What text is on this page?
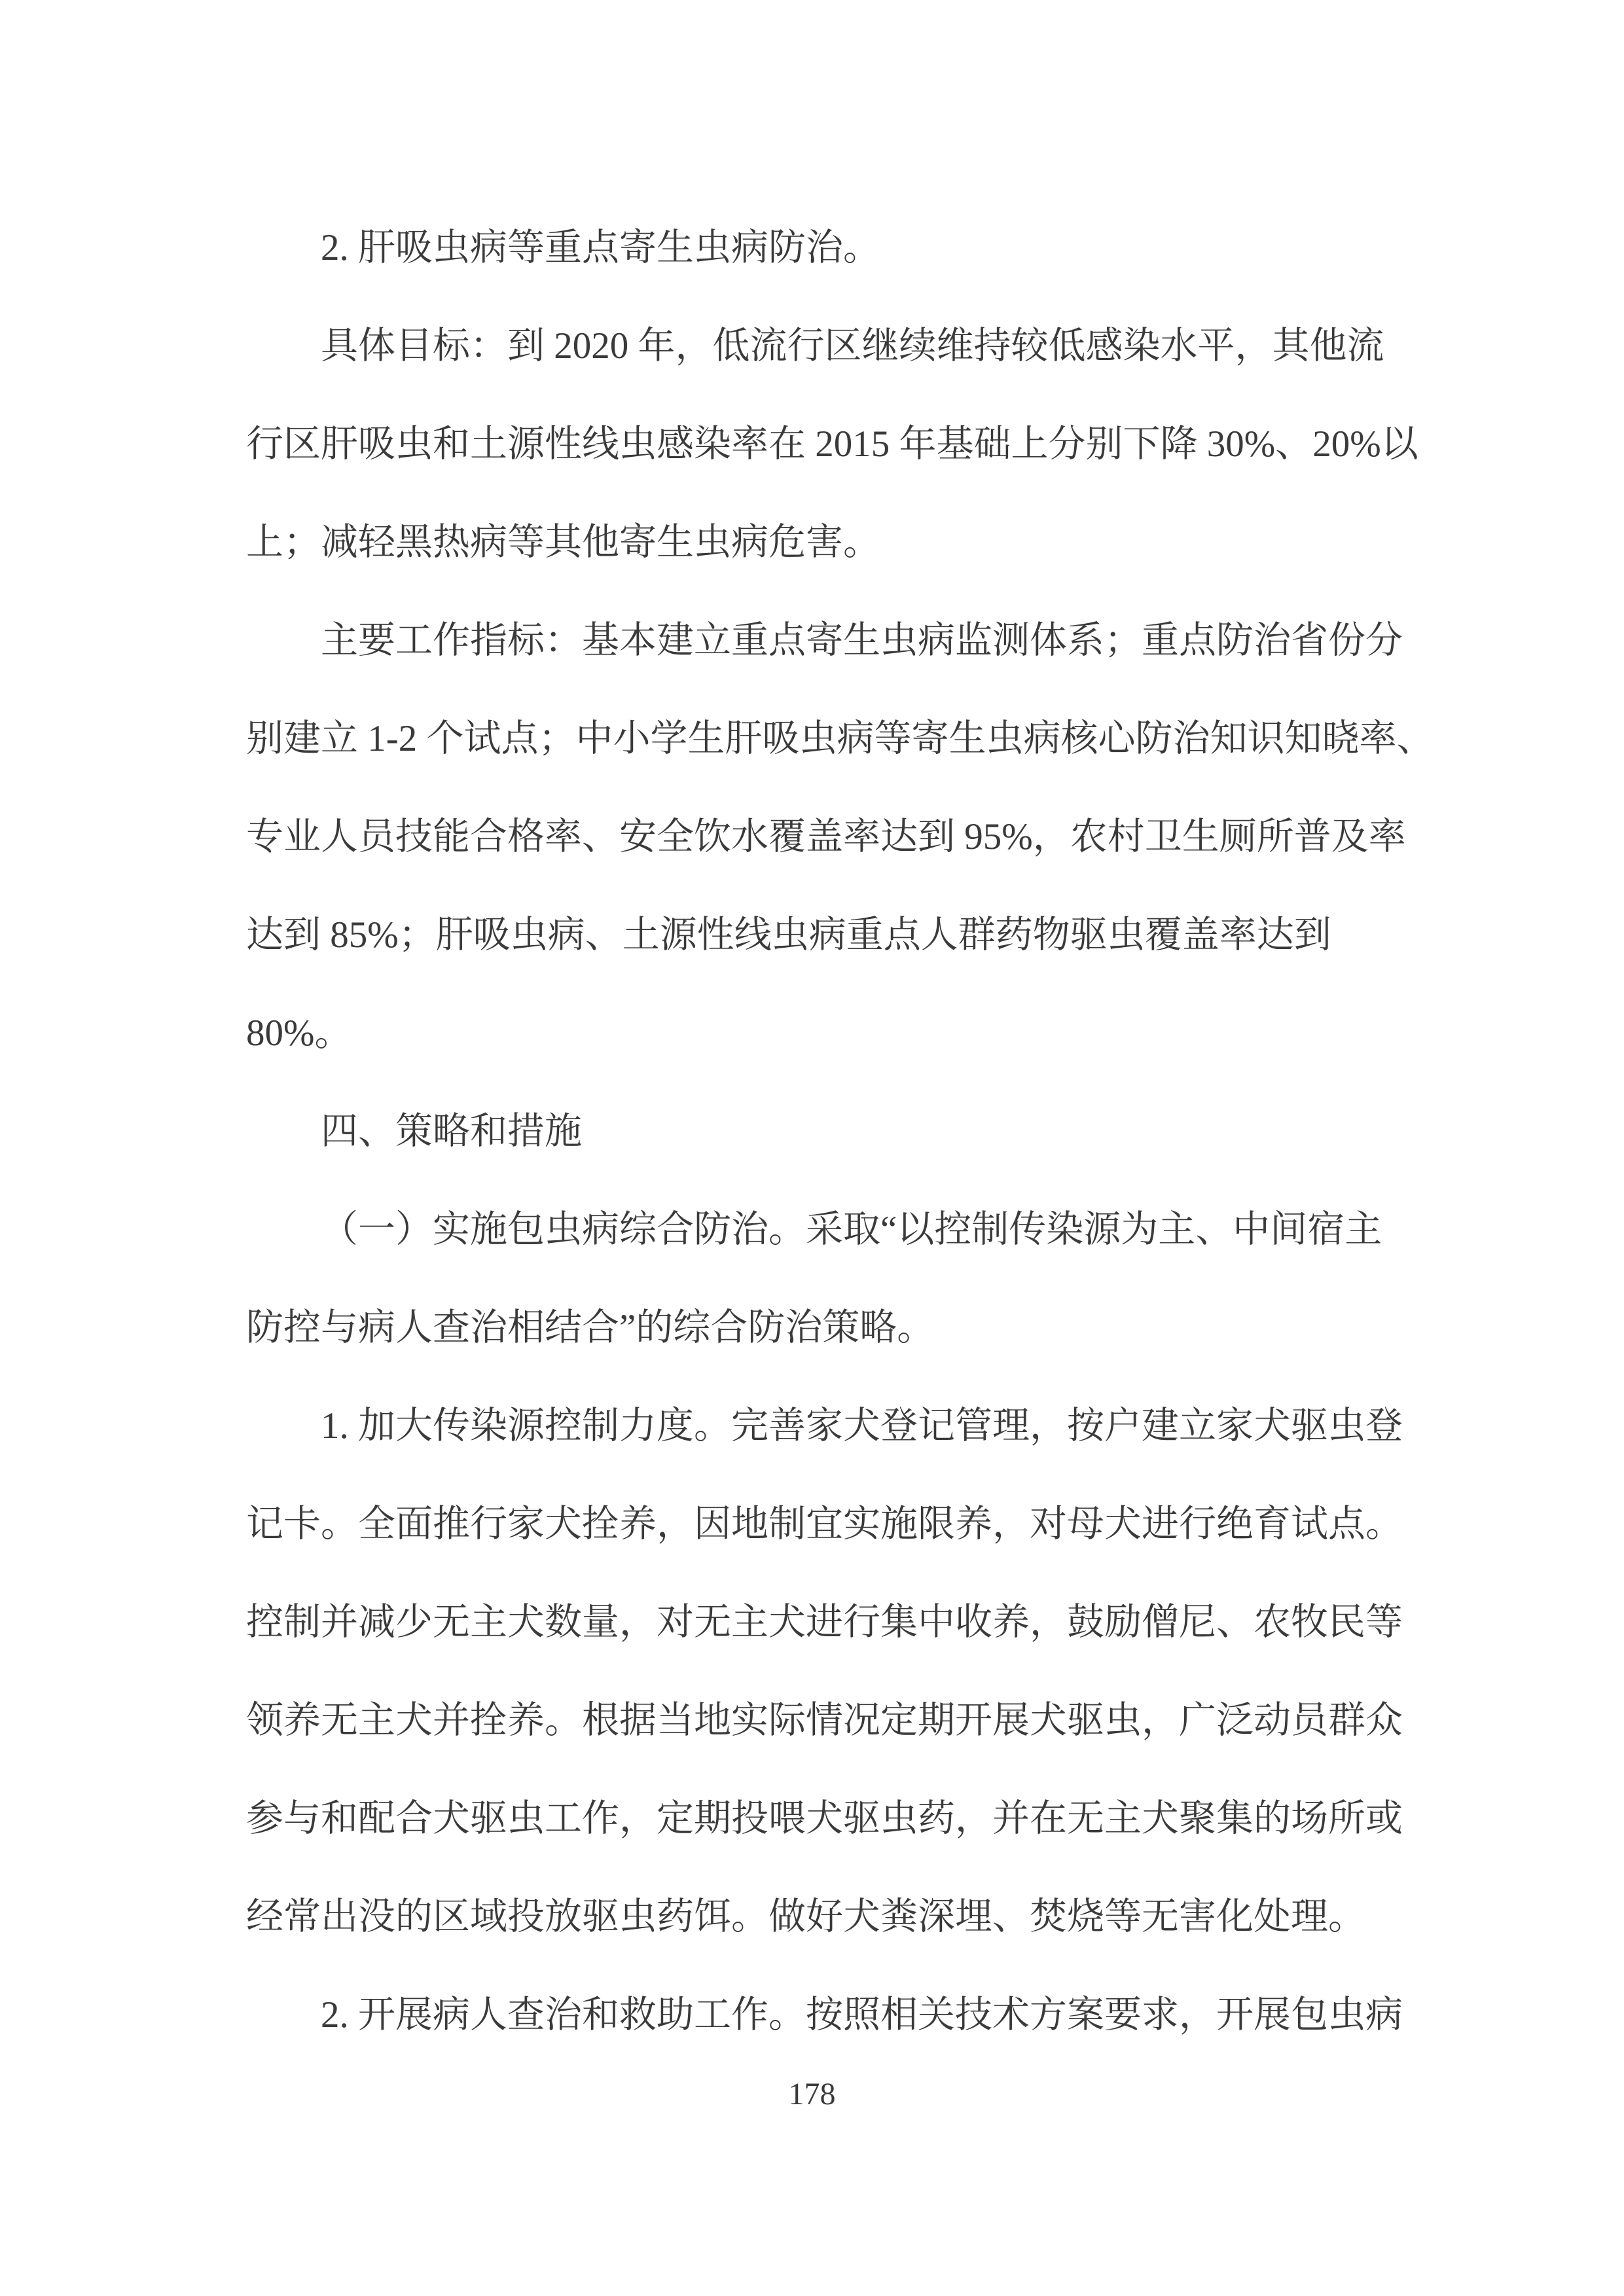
2. 肝吸虫病等重点寄生虫病防治。
具体目标：到 2020 年，低流行区继续维持较低感染水平，其他流
行区肝吸虫和土源性线虫感染率在 2015 年基础上分别下降 30%、20%以
上；减轻黑热病等其他寄生虫病危害。
主要工作指标：基本建立重点寄生虫病监测体系；重点防治省份分
别建立 1-2 个试点；中小学生肝吸虫病等寄生虫病核心防治知识知晓率、
专业人员技能合格率、安全饮水覆盖率达到 95%，农村卫生厕所普及率
达到 85%；肝吸虫病、土源性线虫病重点人群药物驱虫覆盖率达到
80%。
四、策略和措施
（一）实施包虫病综合防治。采取“以控制传染源为主、中间宿主
防控与病人查治相结合”的综合防治策略。
1. 加大传染源控制力度。完善家犬登记管理，按户建立家犬驱虫登
记卡。全面推行家犬拴养，因地制宜实施限养，对母犬进行绝育试点。
控制并减少无主犬数量，对无主犬进行集中收养，鼓励僧尼、农牧民等
领养无主犬并拴养。根据当地实际情况定期开展犬驱虫，广泛动员群众
参与和配合犬驱虫工作，定期投喂犬驱虫药，并在无主犬聚集的场所或
经常出没的区域投放驱虫药饵。做好犬粪深埋、焚烧等无害化处理。
2. 开展病人查治和救助工作。按照相关技术方案要求，开展包虫病
178
